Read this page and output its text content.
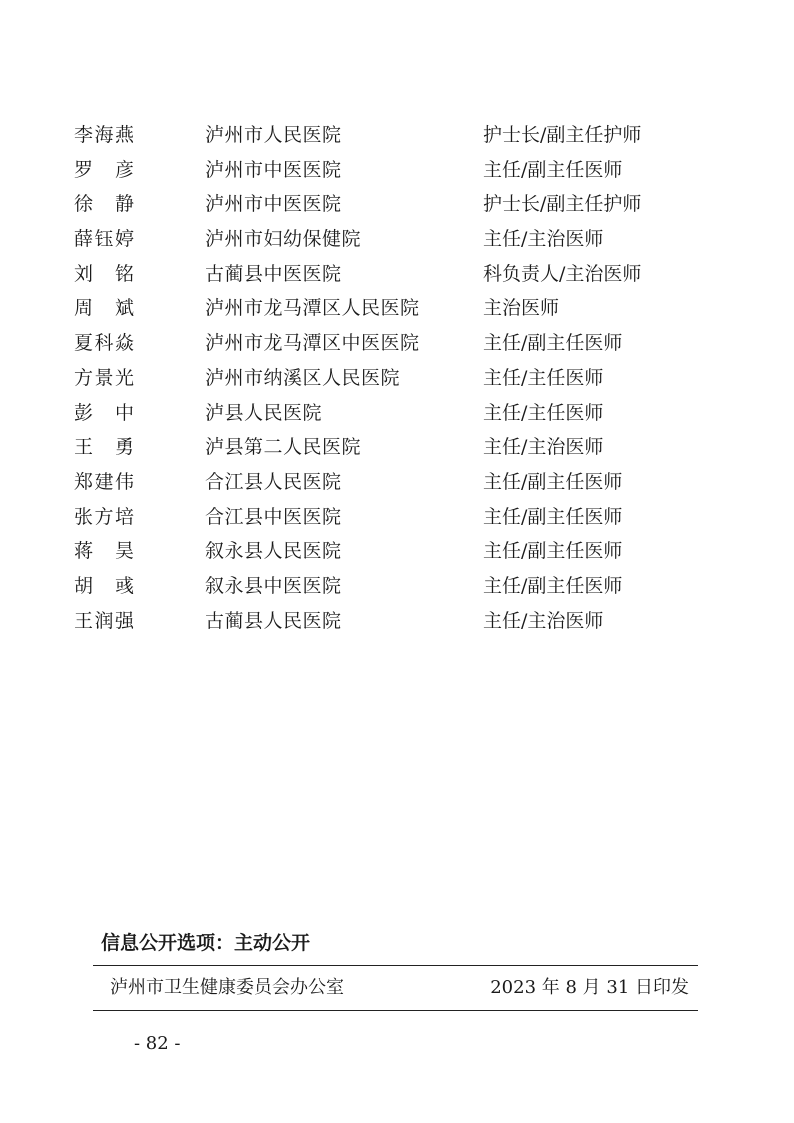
李海燕	泸州市人民医院	护士长/副主任护师
罗彦	泸州市中医医院	主任/副主任医师
徐静	泸州市中医医院	护士长/副主任护师
薛钰婷	泸州市妇幼保健院	主任/主治医师
刘铭	古蔺县中医医院	科负责人/主治医师
周斌	泸州市龙马潭区人民医院	主治医师
夏科焱	泸州市龙马潭区中医医院	主任/副主任医师
方景光	泸州市纳溪区人民医院	主任/主任医师
彭中	泸县人民医院	主任/主任医师
王勇	泸县第二人民医院	主任/主治医师
郑建伟	合江县人民医院	主任/副主任医师
张方培	合江县中医医院	主任/副主任医师
蒋昊	叙永县人民医院	主任/副主任医师
胡彧	叙永县中医医院	主任/副主任医师
王润强	古蔺县人民医院	主任/主治医师
信息公开选项：主动公开
泸州市卫生健康委员会办公室	2023 年 8 月 31 日印发
- 82 -
